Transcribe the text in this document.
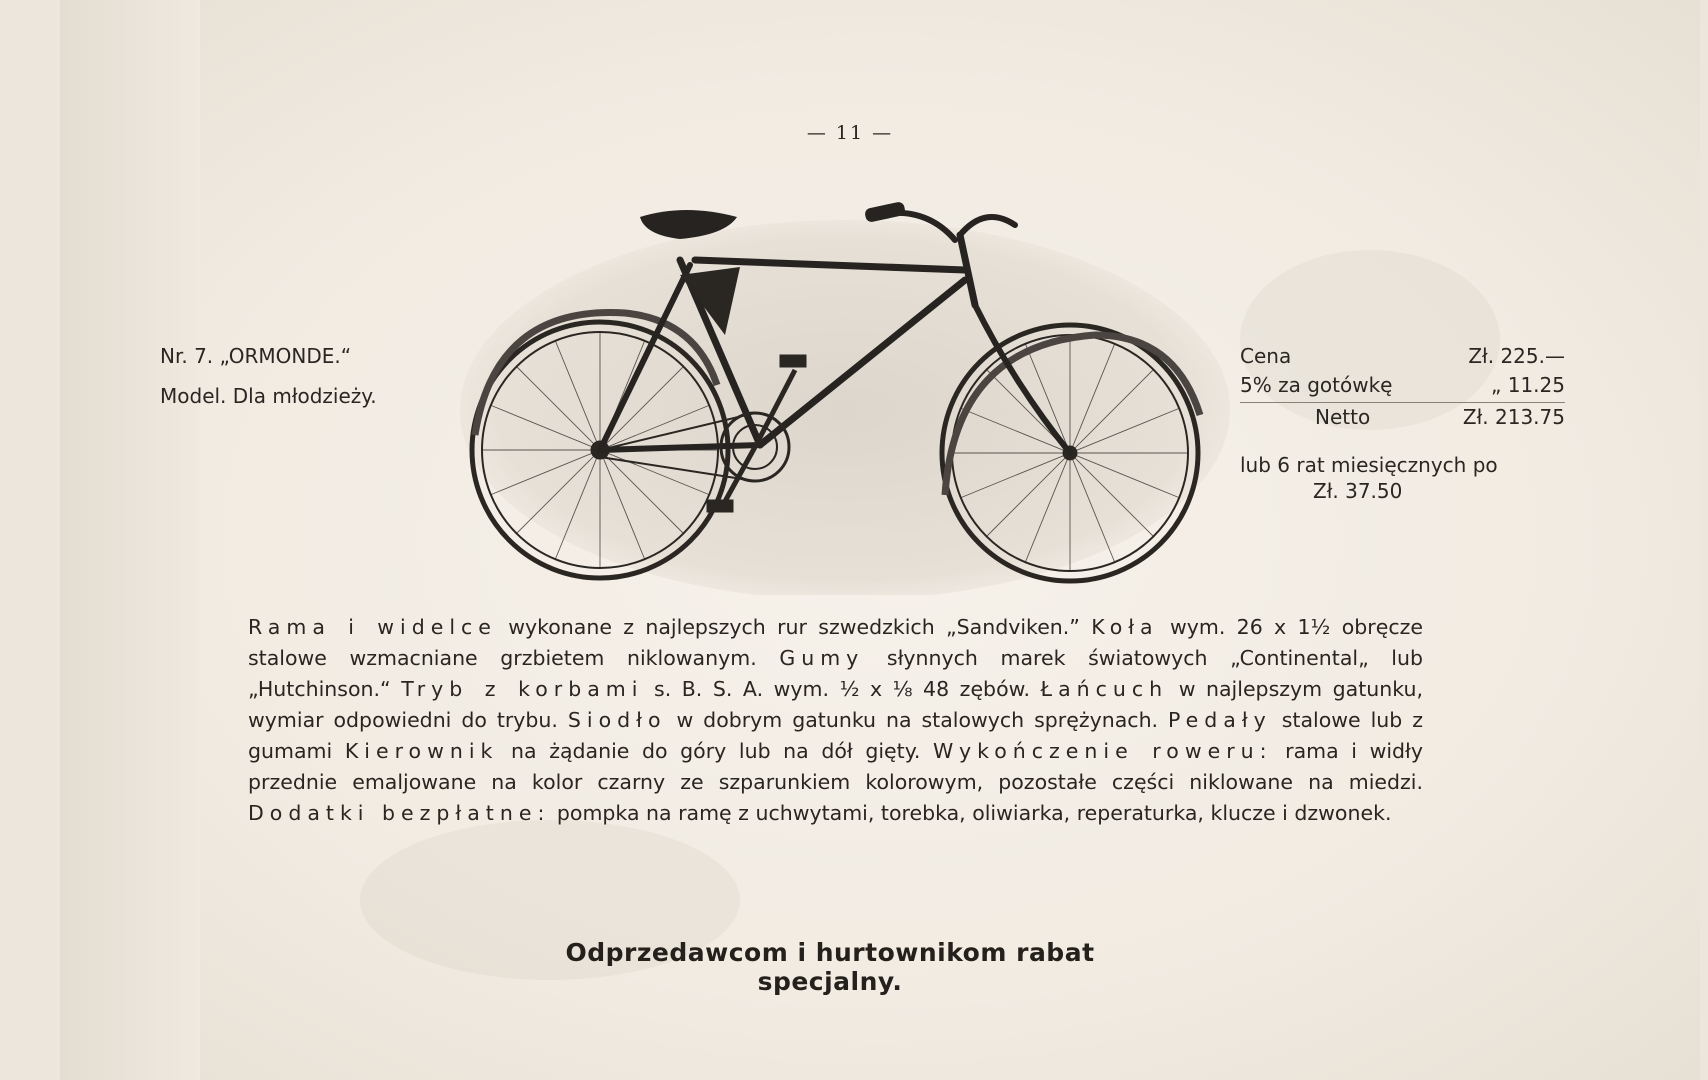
— 11 —
Nr. 7. „ORMONDE.“
Model. Dla młodzieży.
Cena	Zł. 225.—
5% za gotówkę	„ 11.25
Netto	Zł. 213.75
lub 6 rat miesięcznych po
Zł. 37.50
Rama i widelce wykonane z najlepszych rur szwedzkich „Sandviken.” Koła wym. 26 x 1½ obręcze stalowe wzmacniane grzbietem niklowanym. Gumy słynnych marek światowych „Continental„ lub „Hutchinson.“ Tryb z korbami s. B. S. A. wym. ½ x ⅛ 48 zębów. Łańcuch w najlepszym gatunku, wymiar odpowiedni do trybu. Siodło w dobrym gatunku na stalowych sprężynach. Pedały stalowe lub z gumami Kierownik na żądanie do góry lub na dół gięty. Wykończenie roweru: rama i widły przednie emaljowane na kolor czarny ze szparunkiem kolorowym, pozostałe części niklowane na miedzi. Dodatki bezpłatne: pompka na ramę z uchwytami, torebka, oliwiarka, reperaturka, klucze i dzwonek.
Odprzedawcom i hurtownikom rabat specjalny.
